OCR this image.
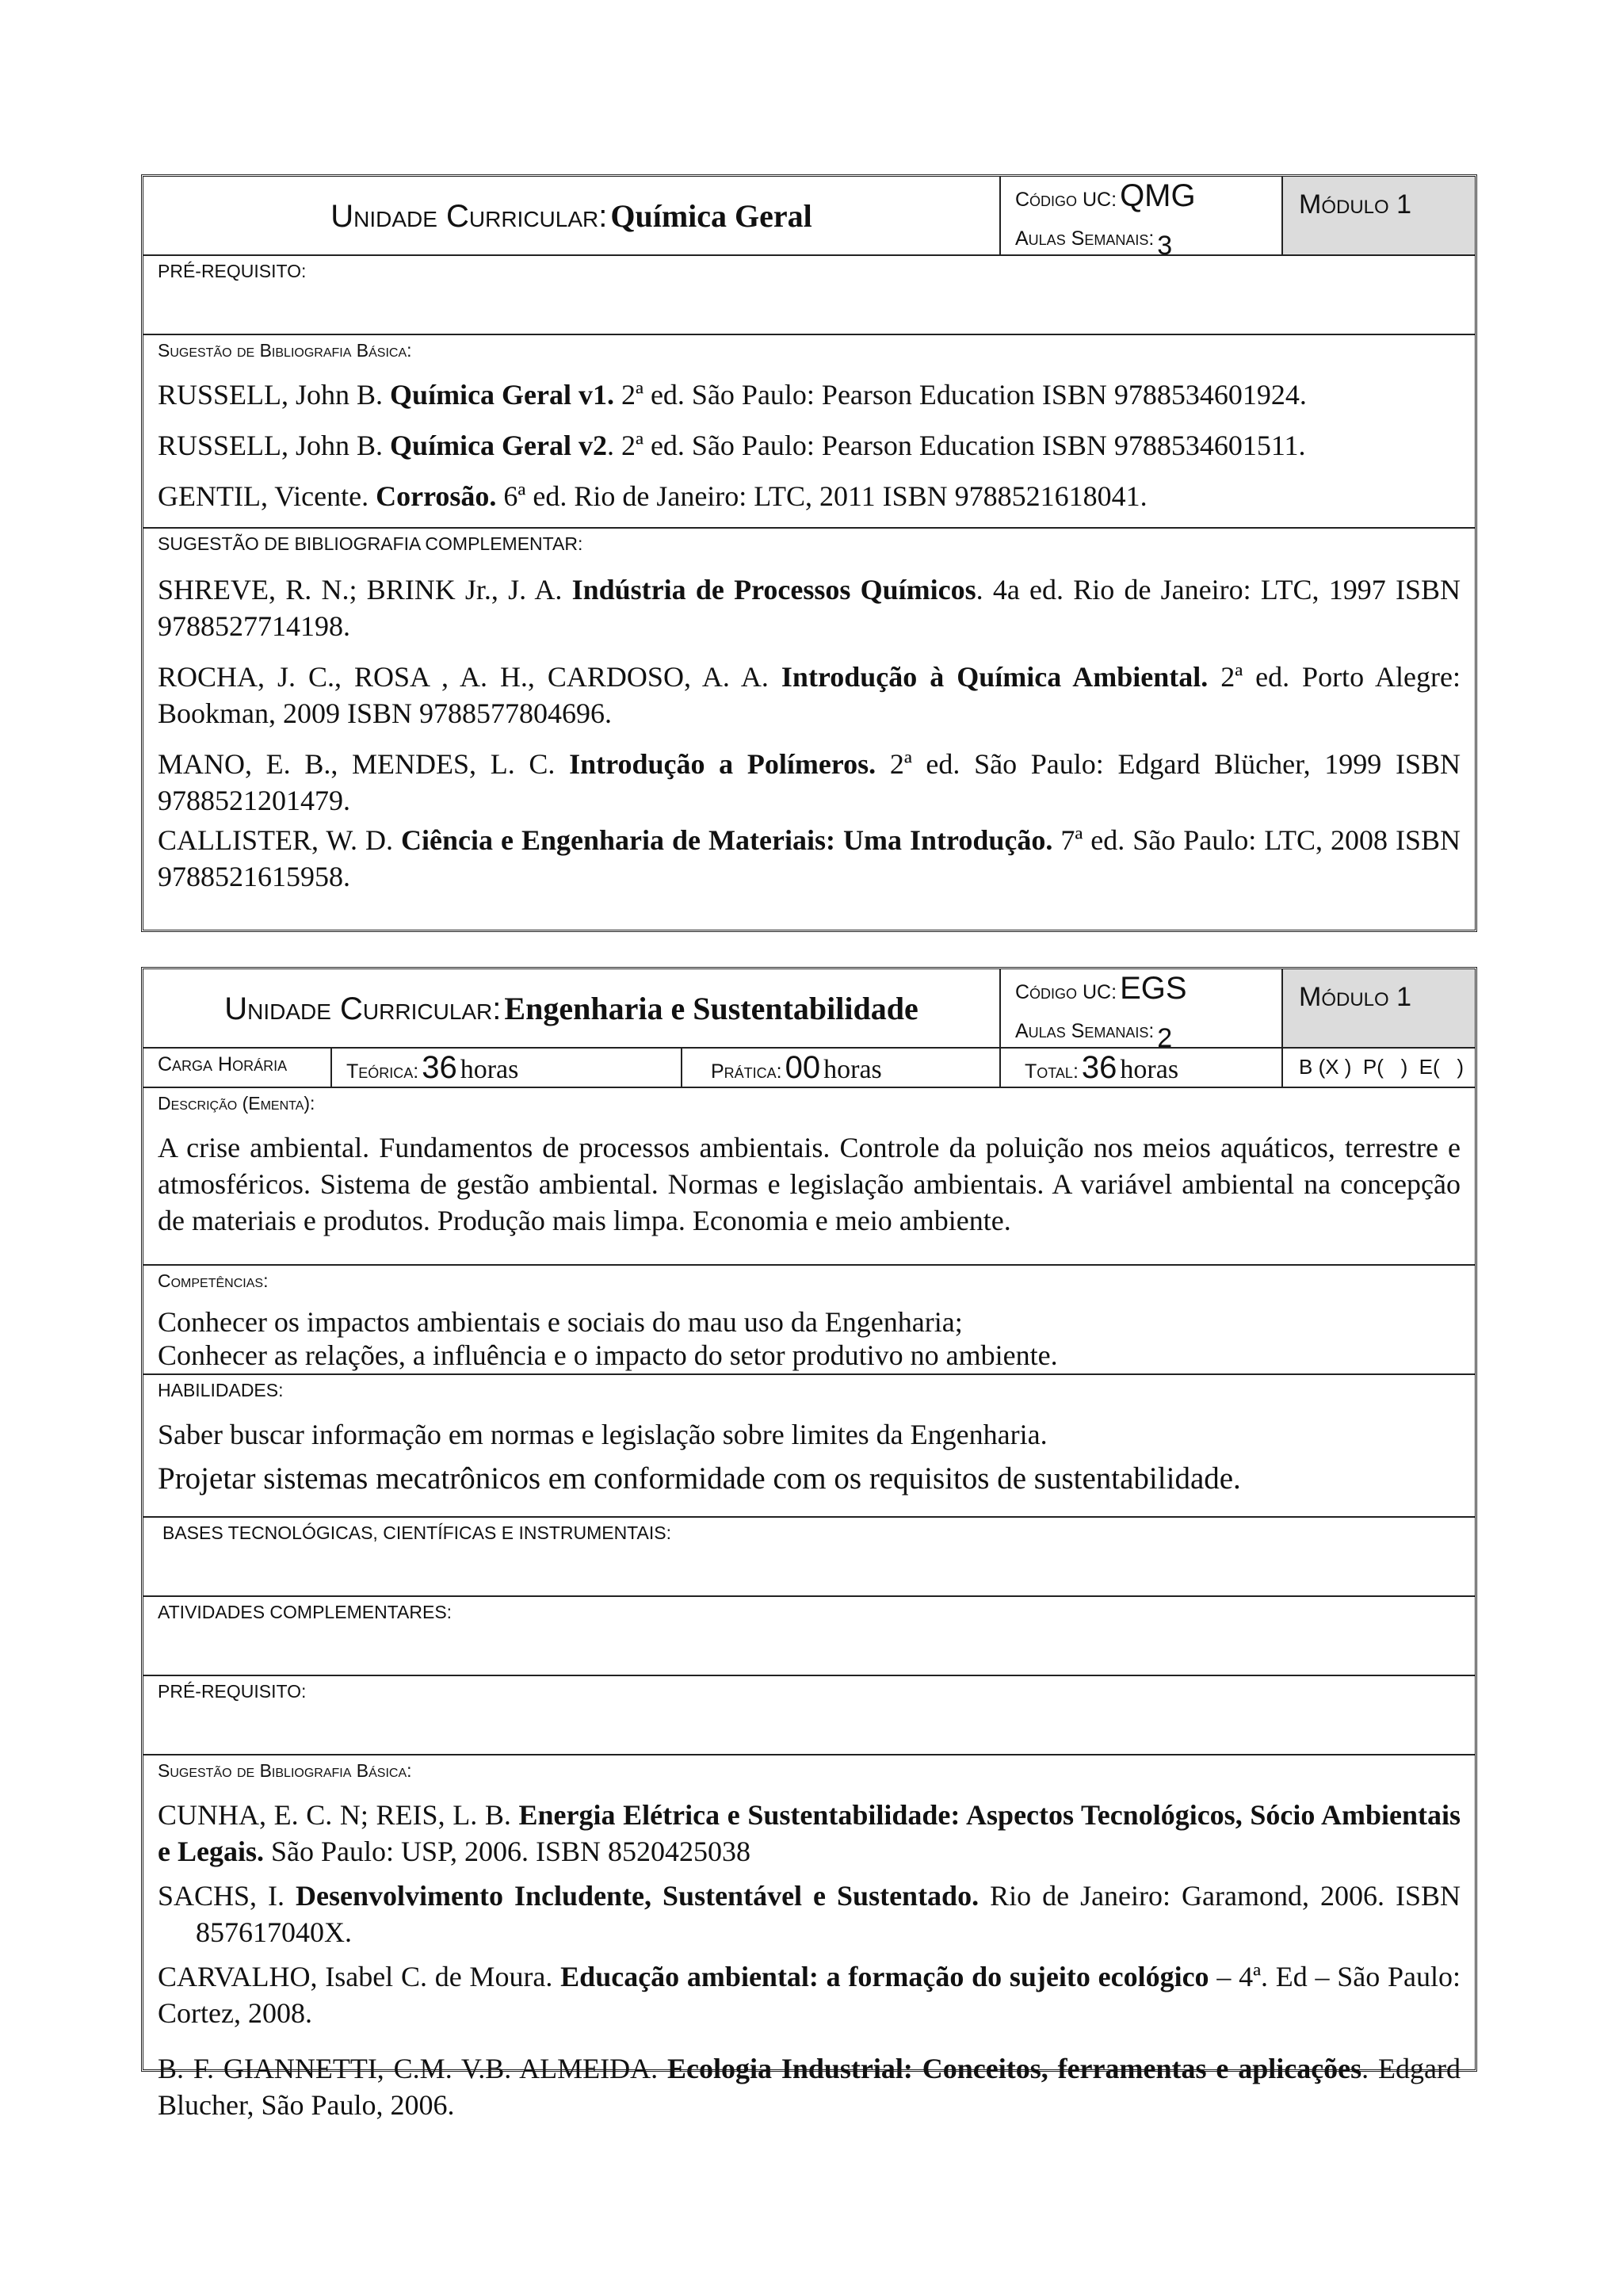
Unidade Curricular: Química Geral	Código UC: QMG
Aulas Semanais: 3
Módulo 1
PRÉ-REQUISITO:
Sugestão de Bibliografia Básica:

RUSSELL, John B. Química Geral v1. 2ª ed. São Paulo: Pearson Education ISBN 9788534601924.

RUSSELL, John B. Química Geral v2. 2ª ed. São Paulo: Pearson Education ISBN 9788534601511.

GENTIL, Vicente. Corrosão. 6ª ed. Rio de Janeiro: LTC, 2011 ISBN 9788521618041.

SUGESTÃO DE BIBLIOGRAFIA COMPLEMENTAR:

SHREVE, R. N.; BRINK Jr., J. A. Indústria de Processos Químicos. 4a ed. Rio de Janeiro: LTC, 1997 ISBN 9788527714198.

ROCHA, J. C., ROSA , A. H., CARDOSO, A. A. Introdução à Química Ambiental. 2ª ed. Porto Alegre: Bookman, 2009 ISBN 9788577804696.

MANO, E. B., MENDES, L. C. Introdução a Polímeros. 2ª ed. São Paulo: Edgard Blücher, 1999 ISBN 9788521201479.

CALLISTER, W. D. Ciência e Engenharia de Materiais: Uma Introdução. 7ª ed. São Paulo: LTC, 2008 ISBN 9788521615958.

Unidade Curricular: Engenharia e Sustentabilidade	Código UC: EGS
Aulas Semanais: 2
Módulo 1
Carga Horária	Teórica: 36 horas	Prática: 00 horas	Total: 36 horas	B (X )  P(   )  E(   )
Descrição (Ementa):

A crise ambiental. Fundamentos de processos ambientais. Controle da poluição nos meios aquáticos, terrestre e atmosféricos. Sistema de gestão ambiental. Normas e legislação ambientais. A variável ambiental na concepção de materiais e produtos. Produção mais limpa. Economia e meio ambiente.

Competências:

Conhecer os impactos ambientais e sociais do mau uso da Engenharia;

Conhecer as relações, a influência e o impacto do setor produtivo no ambiente.

HABILIDADES:

Saber buscar informação em normas e legislação sobre limites da Engenharia.

Projetar sistemas mecatrônicos em conformidade com os requisitos de sustentabilidade.

BASES TECNOLÓGICAS, CIENTÍFICAS E INSTRUMENTAIS:
ATIVIDADES COMPLEMENTARES:
PRÉ-REQUISITO:
Sugestão de Bibliografia Básica:

CUNHA, E. C. N; REIS, L. B. Energia Elétrica e Sustentabilidade: Aspectos Tecnológicos, Sócio Ambientais e Legais. São Paulo: USP, 2006. ISBN 8520425038

SACHS, I. Desenvolvimento Includente, Sustentável e Sustentado. Rio de Janeiro: Garamond, 2006. ISBN 857617040X.

CARVALHO, Isabel C. de Moura. Educação ambiental: a formação do sujeito ecológico – 4ª. Ed – São Paulo: Cortez, 2008.

B. F. GIANNETTI, C.M. V.B. ALMEIDA. Ecologia Industrial: Conceitos, ferramentas e aplicações. Edgard Blucher, São Paulo, 2006.
